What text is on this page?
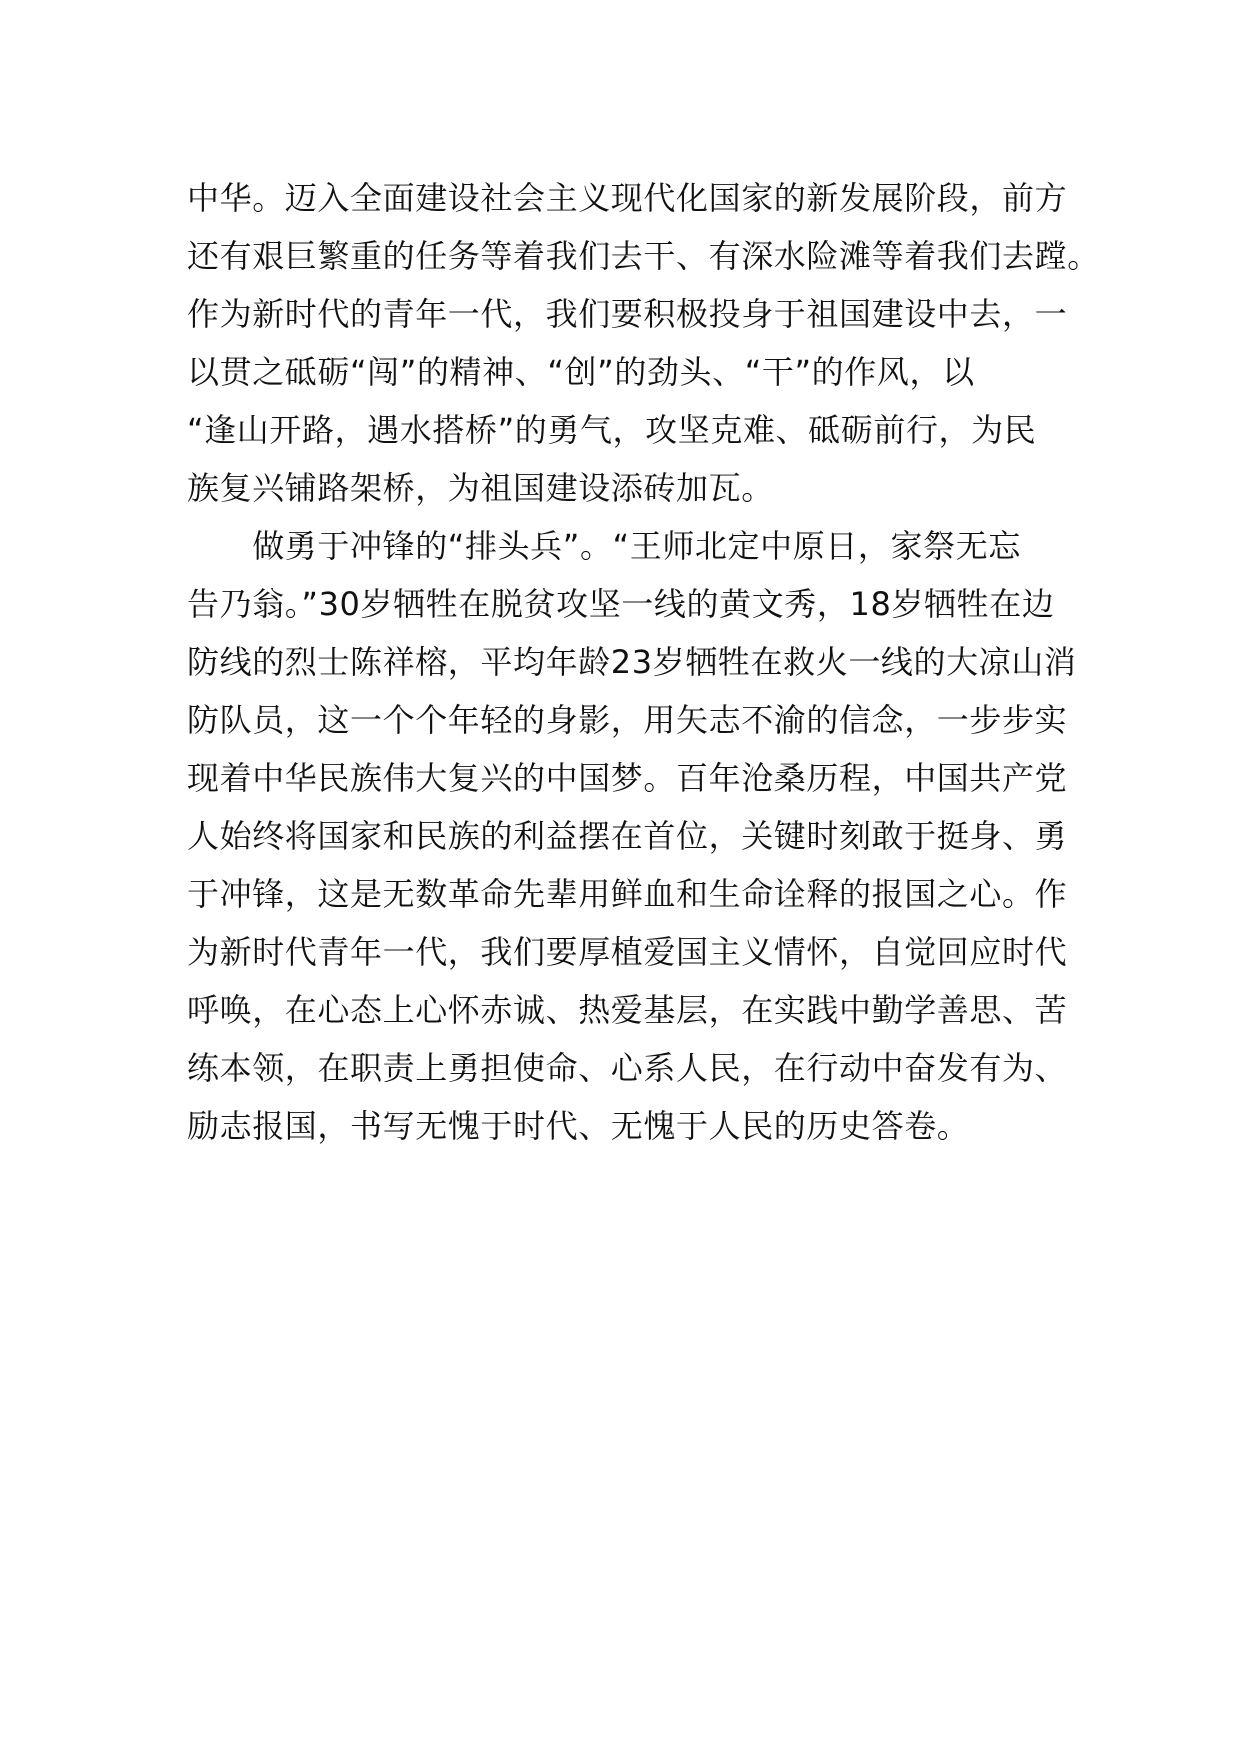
中华。迈入全面建设社会主义现代化国家的新发展阶段，前方
还有艰巨繁重的任务等着我们去干、有深水险滩等着我们去蹚。
作为新时代的青年一代，我们要积极投身于祖国建设中去，一
以贯之砥砺“闯”的精神、“创”的劲头、“干”的作风，以
“逢山开路，遇水搭桥”的勇气，攻坚克难、砥砺前行，为民
族复兴铺路架桥，为祖国建设添砖加瓦。
　　做勇于冲锋的“排头兵”。“王师北定中原日，家祭无忘
告乃翁。”30岁牺牲在脱贫攻坚一线的黄文秀，18岁牺牲在边
防线的烈士陈祥榕，平均年龄23岁牺牲在救火一线的大凉山消
防队员，这一个个年轻的身影，用矢志不渝的信念，一步步实
现着中华民族伟大复兴的中国梦。百年沧桑历程，中国共产党
人始终将国家和民族的利益摆在首位，关键时刻敢于挺身、勇
于冲锋，这是无数革命先辈用鲜血和生命诠释的报国之心。作
为新时代青年一代，我们要厚植爱国主义情怀，自觉回应时代
呼唤，在心态上心怀赤诚、热爱基层，在实践中勤学善思、苦
练本领，在职责上勇担使命、心系人民，在行动中奋发有为、
励志报国，书写无愧于时代、无愧于人民的历史答卷。
